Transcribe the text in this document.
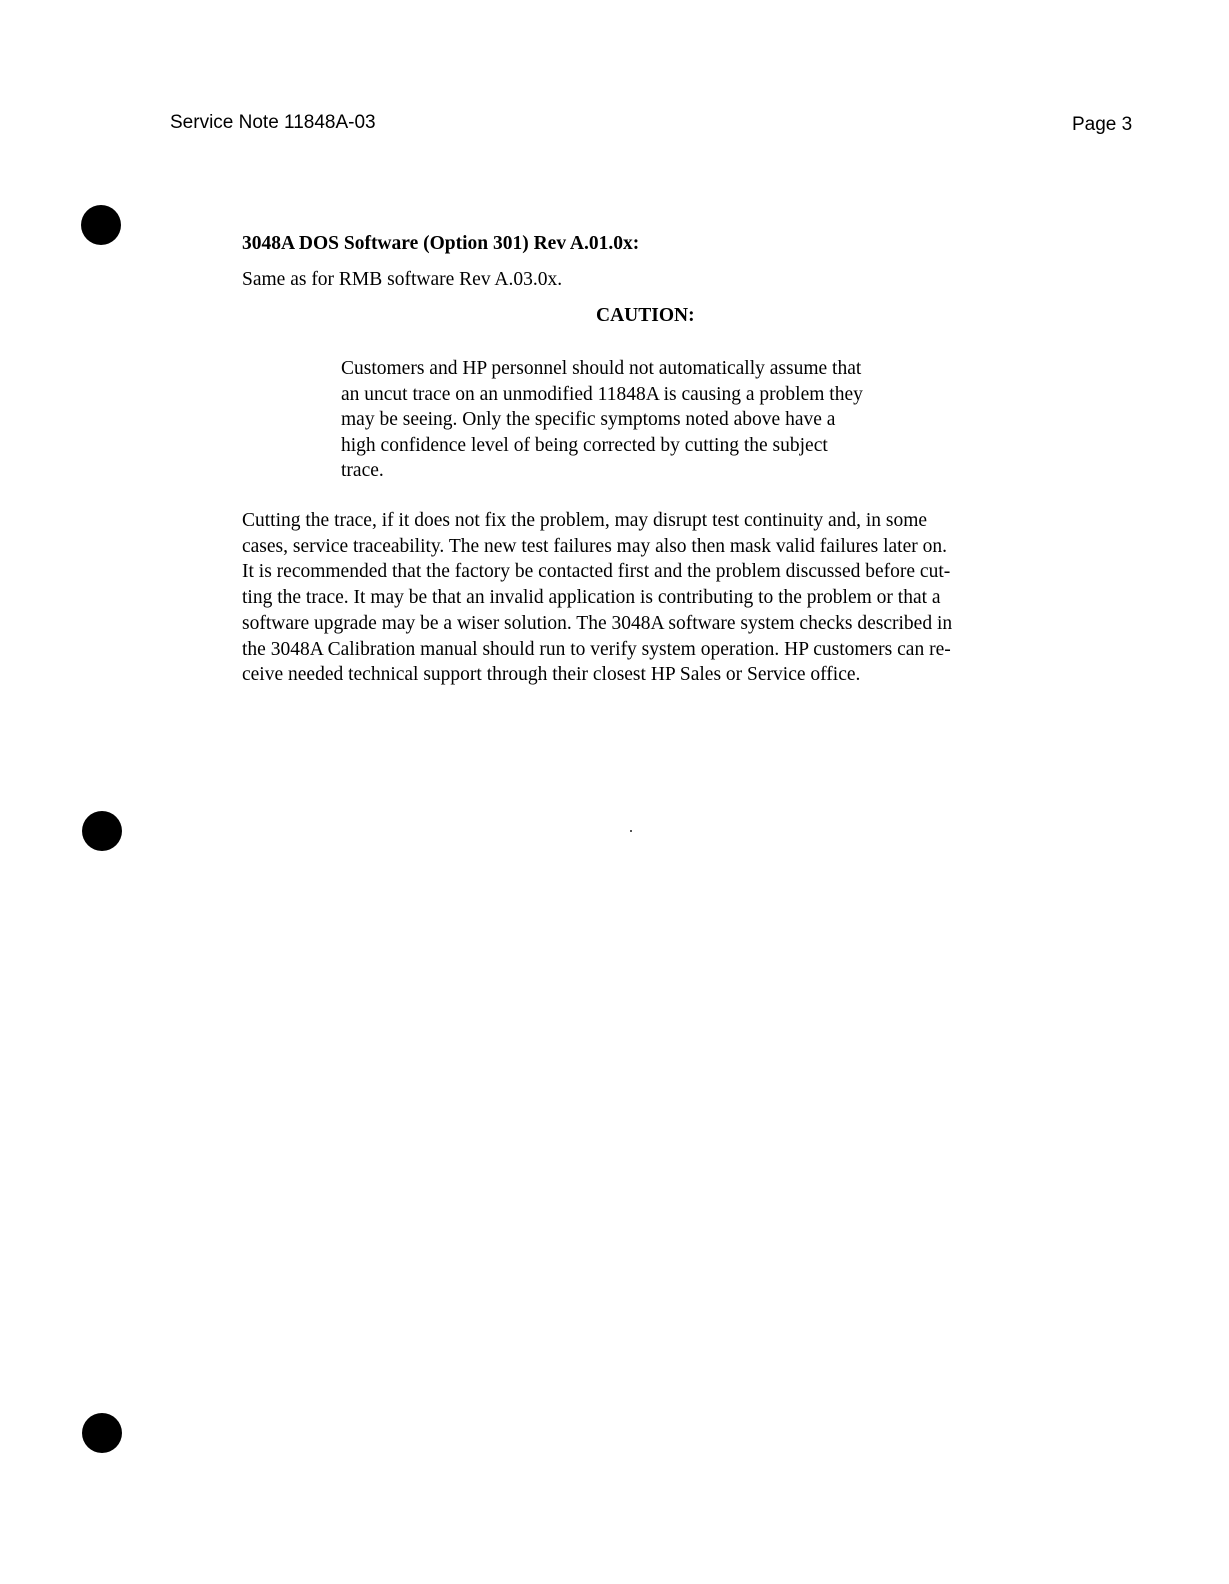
Service Note 11848A-03	Page 3
3048A DOS Software (Option 301) Rev A.01.0x:
Same as for RMB software Rev A.03.0x.
CAUTION:

Customers and HP personnel should not automatically assume that
an uncut trace on an unmodified 11848A is causing a problem they
may be seeing. Only the specific symptoms noted above have a
high confidence level of being corrected by cutting the subject
trace.

Cutting the trace, if it does not fix the problem, may disrupt test continuity and, in some
cases, service traceability. The new test failures may also then mask valid failures later on.
It is recommended that the factory be contacted first and the problem discussed before cut-
ting the trace. It may be that an invalid application is contributing to the problem or that a
software upgrade may be a wiser solution. The 3048A software system checks described in
the 3048A Calibration manual should run to verify system operation. HP customers can re-
ceive needed technical support through their closest HP Sales or Service office.
